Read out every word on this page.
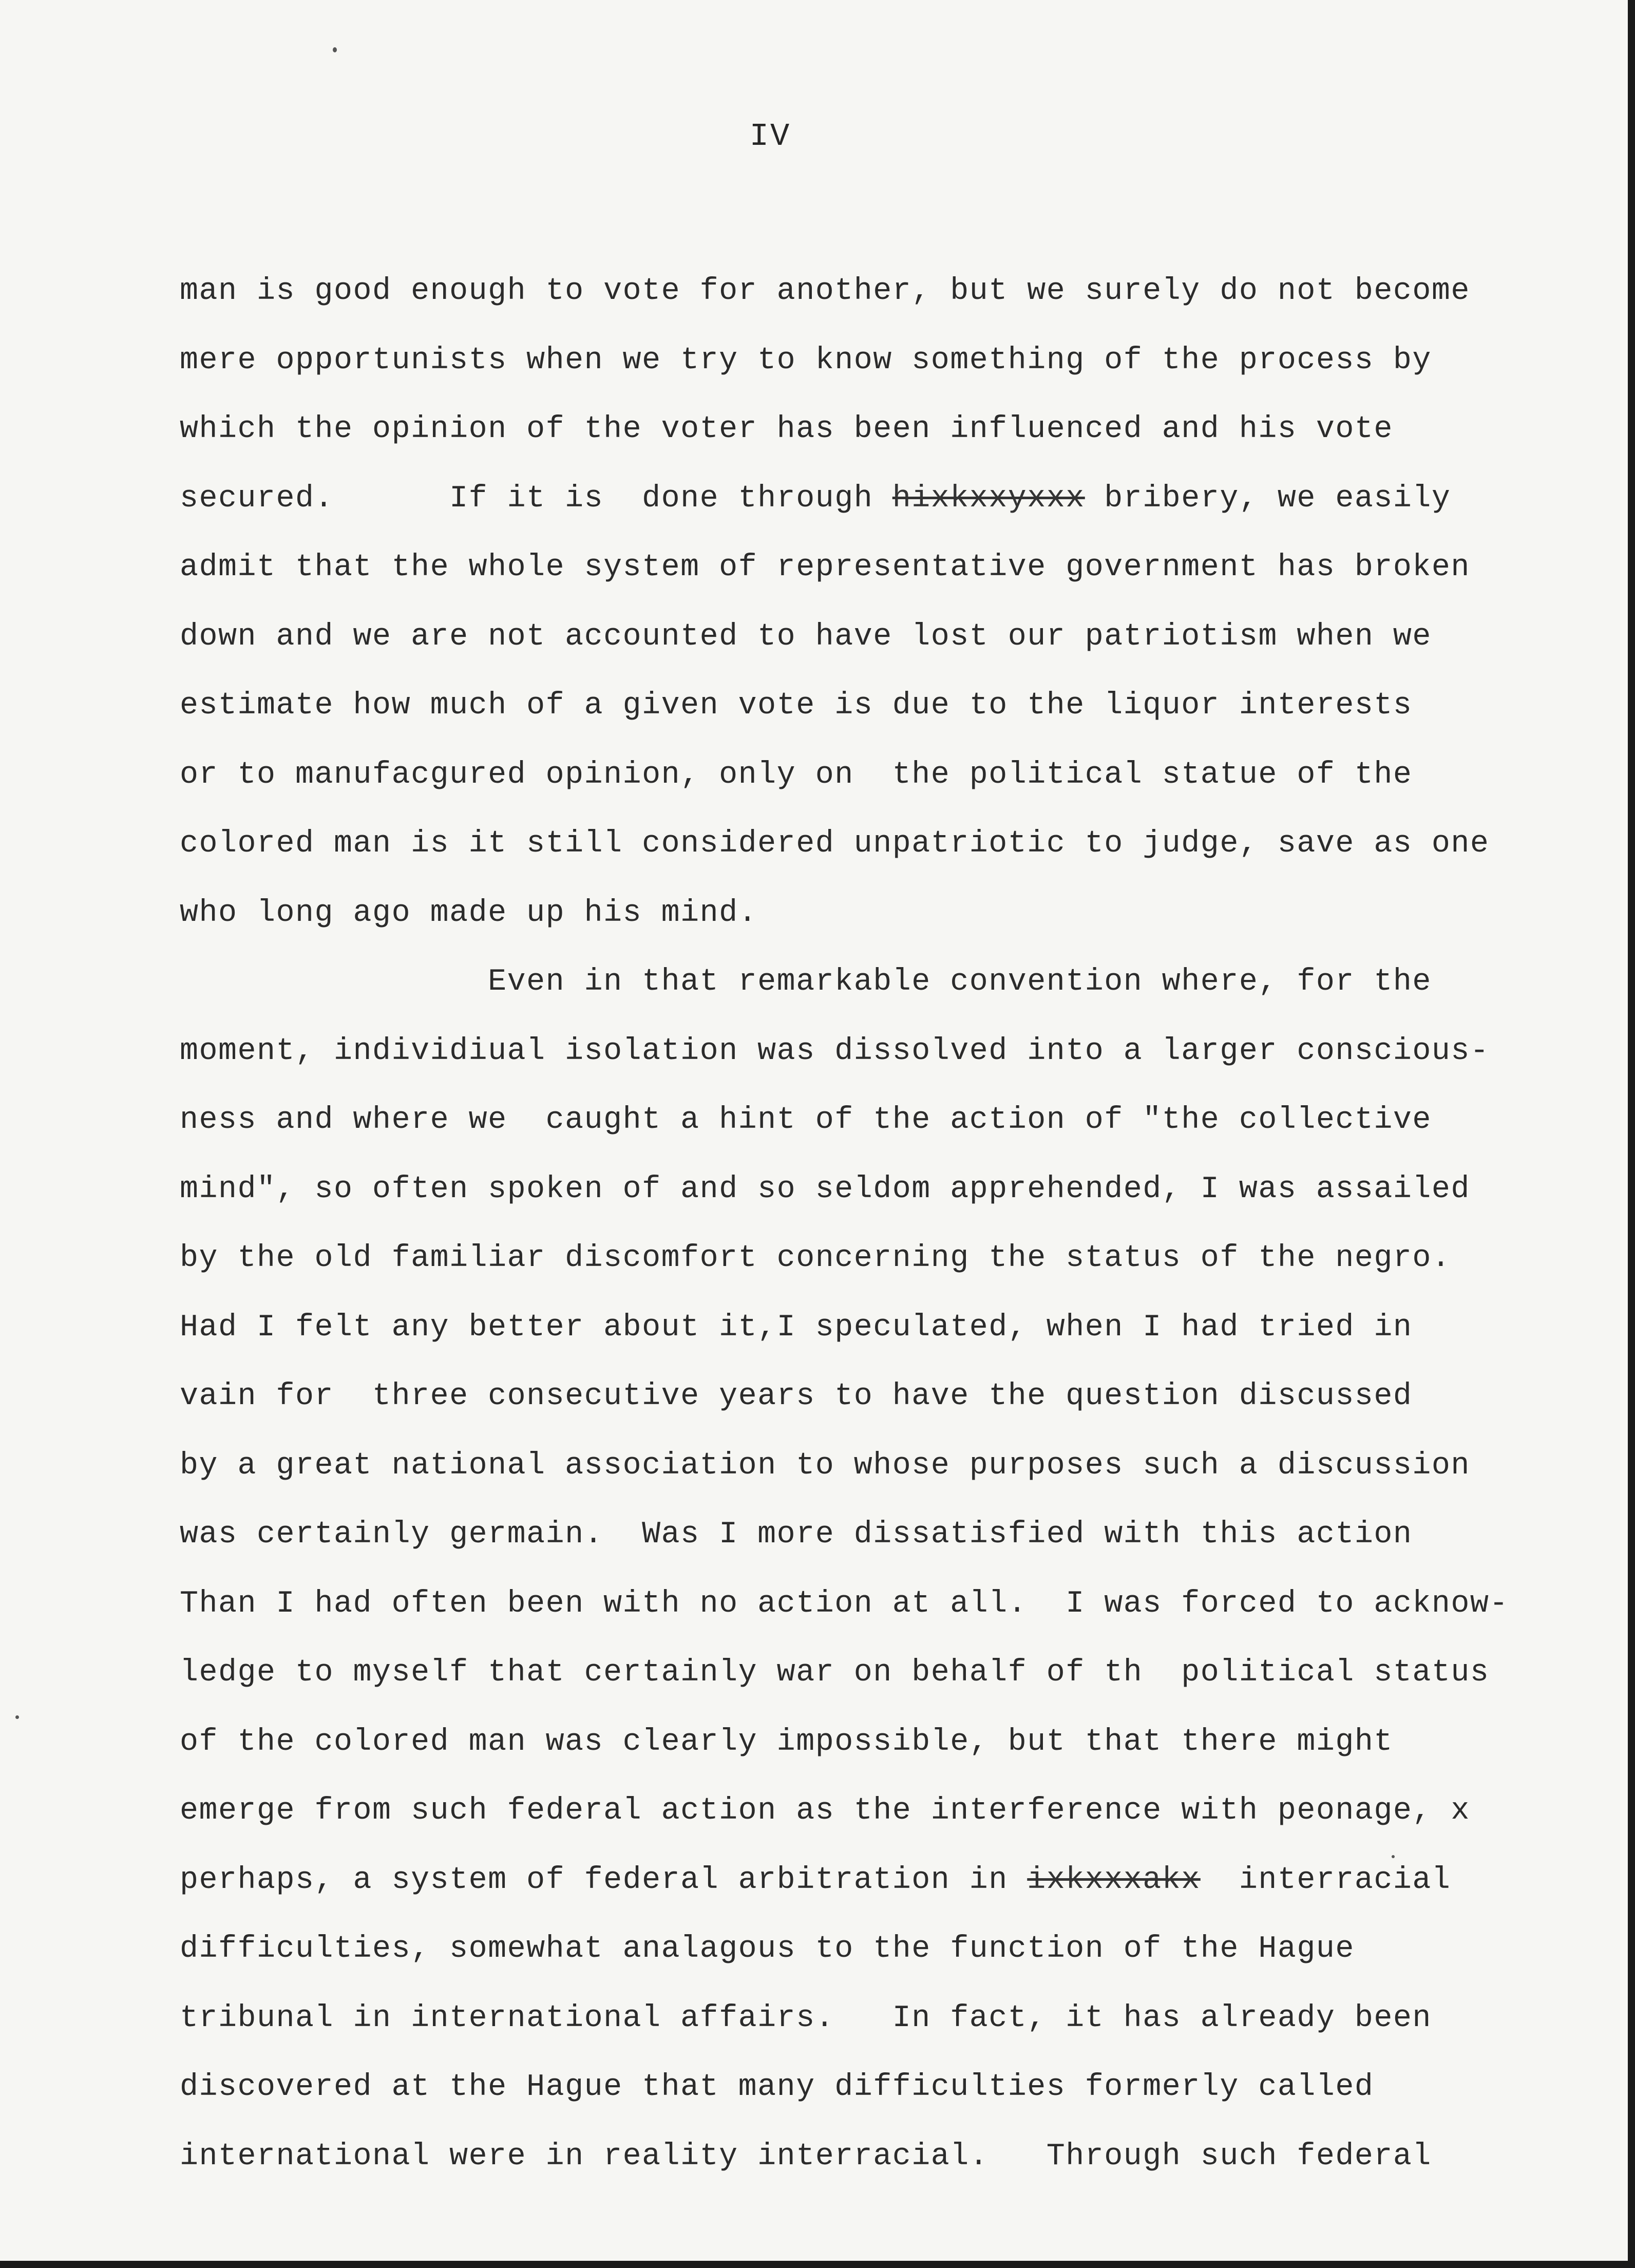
IV
man is good enough to vote for another, but we surely do not become
mere opportunists when we try to know something of the process by
which the opinion of the voter has been influenced and his vote
secured.      If it is  done through hixkxxyxxx bribery, we easily
admit that the whole system of representative government has broken
down and we are not accounted to have lost our patriotism when we
estimate how much of a given vote is due to the liquor interests
or to manufacgured opinion, only on  the political statue of the
colored man is it still considered unpatriotic to judge, save as one
who long ago made up his mind.
Even in that remarkable convention where, for the
moment, individiual isolation was dissolved into a larger conscious-
ness and where we  caught a hint of the action of "the collective
mind", so often spoken of and so seldom apprehended, I was assailed
by the old familiar discomfort concerning the status of the negro.
Had I felt any better about it,I speculated, when I had tried in
vain for  three consecutive years to have the question discussed
by a great national association to whose purposes such a discussion
was certainly germain.  Was I more dissatisfied with this action
Than I had often been with no action at all.  I was forced to acknow-
ledge to myself that certainly war on behalf of th  political status
of the colored man was clearly impossible, but that there might
emerge from such federal action as the interference with peonage, x
perhaps, a system of federal arbitration in ixkxxxakx  interracial
difficulties, somewhat analagous to the function of the Hague
tribunal in international affairs.   In fact, it has already been
discovered at the Hague that many difficulties formerly called
international were in reality interracial.   Through such federal
